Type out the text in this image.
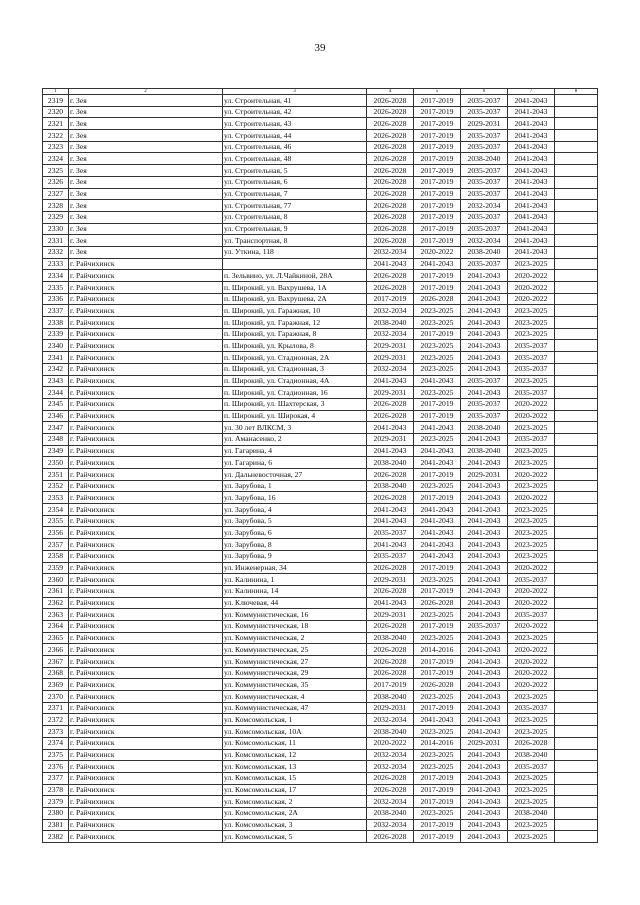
39
1	2	3	4	5	6	7	8
2319	г. Зея	ул. Строительная, 41	2026-2028	2017-2019	2035-2037	2041-2043	
2320	г. Зея	ул. Строительная, 42	2026-2028	2017-2019	2035-2037	2041-2043	
2321	г. Зея	ул. Строительная, 43	2026-2028	2017-2019	2029-2031	2041-2043	
2322	г. Зея	ул. Строительная, 44	2026-2028	2017-2019	2035-2037	2041-2043	
2323	г. Зея	ул. Строительная, 46	2026-2028	2017-2019	2035-2037	2041-2043	
2324	г. Зея	ул. Строительная, 48	2026-2028	2017-2019	2038-2040	2041-2043	
2325	г. Зея	ул. Строительная, 5	2026-2028	2017-2019	2035-2037	2041-2043	
2326	г. Зея	ул. Строительная, 6	2026-2028	2017-2019	2035-2037	2041-2043	
2327	г. Зея	ул. Строительная, 7	2026-2028	2017-2019	2035-2037	2041-2043	
2328	г. Зея	ул. Строительная, 77	2026-2028	2017-2019	2032-2034	2041-2043	
2329	г. Зея	ул. Строительная, 8	2026-2028	2017-2019	2035-2037	2041-2043	
2330	г. Зея	ул. Строительная, 9	2026-2028	2017-2019	2035-2037	2041-2043	
2331	г. Зея	ул. Транспортная, 8	2026-2028	2017-2019	2032-2034	2041-2043	
2332	г. Зея	ул. Уткина, 118	2032-2034	2020-2022	2038-2040	2041-2043	
2333	г. Райчихинск		2041-2043	2041-2043	2035-2037	2023-2025	
2334	г. Райчихинск	п. Зельвино, ул. Л.Чайкиной, 28А	2026-2028	2017-2019	2041-2043	2020-2022	
2335	г. Райчихинск	п. Широкий, ул. Вахрушева, 1А	2026-2028	2017-2019	2041-2043	2020-2022	
2336	г. Райчихинск	п. Широкий, ул. Вахрушева, 2А	2017-2019	2026-2028	2041-2043	2020-2022	
2337	г. Райчихинск	п. Широкий, ул. Гаражная, 10	2032-2034	2023-2025	2041-2043	2023-2025	
2338	г. Райчихинск	п. Широкий, ул. Гаражная, 12	2038-2040	2023-2025	2041-2043	2023-2025	
2339	г. Райчихинск	п. Широкий, ул. Гаражная, 8	2032-2034	2017-2019	2041-2043	2023-2025	
2340	г. Райчихинск	п. Широкий, ул. Крылова, 8	2029-2031	2023-2025	2041-2043	2035-2037	
2341	г. Райчихинск	п. Широкий, ул. Стадионная, 2А	2029-2031	2023-2025	2041-2043	2035-2037	
2342	г. Райчихинск	п. Широкий, ул. Стадионная, 3	2032-2034	2023-2025	2041-2043	2035-2037	
2343	г. Райчихинск	п. Широкий, ул. Стадионная, 4А	2041-2043	2041-2043	2035-2037	2023-2025	
2344	г. Райчихинск	п. Широкий, ул. Стадионная, 16	2029-2031	2023-2025	2041-2043	2035-2037	
2345	г. Райчихинск	п. Широкий, ул. Шахтерская, 3	2026-2028	2017-2019	2035-2037	2020-2022	
2346	г. Райчихинск	п. Широкий, ул. Широкая, 4	2026-2028	2017-2019	2035-2037	2020-2022	
2347	г. Райчихинск	ул. 30 лет ВЛКСМ, 3	2041-2043	2041-2043	2038-2040	2023-2025	
2348	г. Райчихинск	ул. Аманасенко, 2	2029-2031	2023-2025	2041-2043	2035-2037	
2349	г. Райчихинск	ул. Гагарина, 4	2041-2043	2041-2043	2038-2040	2023-2025	
2350	г. Райчихинск	ул. Гагарина, 6	2038-2040	2041-2043	2041-2043	2023-2025	
2351	г. Райчихинск	ул. Дальневосточная, 27	2026-2028	2017-2019	2029-2031	2020-2022	
2352	г. Райчихинск	ул. Зарубова, 1	2038-2040	2023-2025	2041-2043	2023-2025	
2353	г. Райчихинск	ул. Зарубова, 16	2026-2028	2017-2019	2041-2043	2020-2022	
2354	г. Райчихинск	ул. Зарубова, 4	2041-2043	2041-2043	2041-2043	2023-2025	
2355	г. Райчихинск	ул. Зарубова, 5	2041-2043	2041-2043	2041-2043	2023-2025	
2356	г. Райчихинск	ул. Зарубова, 6	2035-2037	2041-2043	2041-2043	2023-2025	
2357	г. Райчихинск	ул. Зарубова, 8	2041-2043	2041-2043	2041-2043	2023-2025	
2358	г. Райчихинск	ул. Зарубова, 9	2035-2037	2041-2043	2041-2043	2023-2025	
2359	г. Райчихинск	ул. Инженерная, 34	2026-2028	2017-2019	2041-2043	2020-2022	
2360	г. Райчихинск	ул. Калинина, 1	2029-2031	2023-2025	2041-2043	2035-2037	
2361	г. Райчихинск	ул. Калинина, 14	2026-2028	2017-2019	2041-2043	2020-2022	
2362	г. Райчихинск	ул. Ключевая, 44	2041-2043	2026-2028	2041-2043	2020-2022	
2363	г. Райчихинск	ул. Коммунистическая, 16	2029-2031	2023-2025	2041-2043	2035-2037	
2364	г. Райчихинск	ул. Коммунистическая, 18	2026-2028	2017-2019	2035-2037	2020-2022	
2365	г. Райчихинск	ул. Коммунистическая, 2	2038-2040	2023-2025	2041-2043	2023-2025	
2366	г. Райчихинск	ул. Коммунистическая, 25	2026-2028	2014-2016	2041-2043	2020-2022	
2367	г. Райчихинск	ул. Коммунистическая, 27	2026-2028	2017-2019	2041-2043	2020-2022	
2368	г. Райчихинск	ул. Коммунистическая, 29	2026-2028	2017-2019	2041-2043	2020-2022	
2369	г. Райчихинск	ул. Коммунистическая, 35	2017-2019	2026-2028	2041-2043	2020-2022	
2370	г. Райчихинск	ул. Коммунистическая, 4	2038-2040	2023-2025	2041-2043	2023-2025	
2371	г. Райчихинск	ул. Коммунистическая, 47	2029-2031	2017-2019	2041-2043	2035-2037	
2372	г. Райчихинск	ул. Комсомольская, 1	2032-2034	2041-2043	2041-2043	2023-2025	
2373	г. Райчихинск	ул. Комсомольская, 10А	2038-2040	2023-2025	2041-2043	2023-2025	
2374	г. Райчихинск	ул. Комсомольская, 11	2020-2022	2014-2016	2029-2031	2026-2028	
2375	г. Райчихинск	ул. Комсомольская, 12	2032-2034	2023-2025	2041-2043	2038-2040	
2376	г. Райчихинск	ул. Комсомольская, 13	2032-2034	2023-2025	2041-2043	2035-2037	
2377	г. Райчихинск	ул. Комсомольская, 15	2026-2028	2017-2019	2041-2043	2023-2025	
2378	г. Райчихинск	ул. Комсомольская, 17	2026-2028	2017-2019	2041-2043	2023-2025	
2379	г. Райчихинск	ул. Комсомольская, 2	2032-2034	2017-2019	2041-2043	2023-2025	
2380	г. Райчихинск	ул. Комсомольская, 2А	2038-2040	2023-2025	2041-2043	2038-2040	
2381	г. Райчихинск	ул. Комсомольская, 3	2032-2034	2017-2019	2041-2043	2023-2025	
2382	г. Райчихинск	ул. Комсомольская, 5	2026-2028	2017-2019	2041-2043	2023-2025	
